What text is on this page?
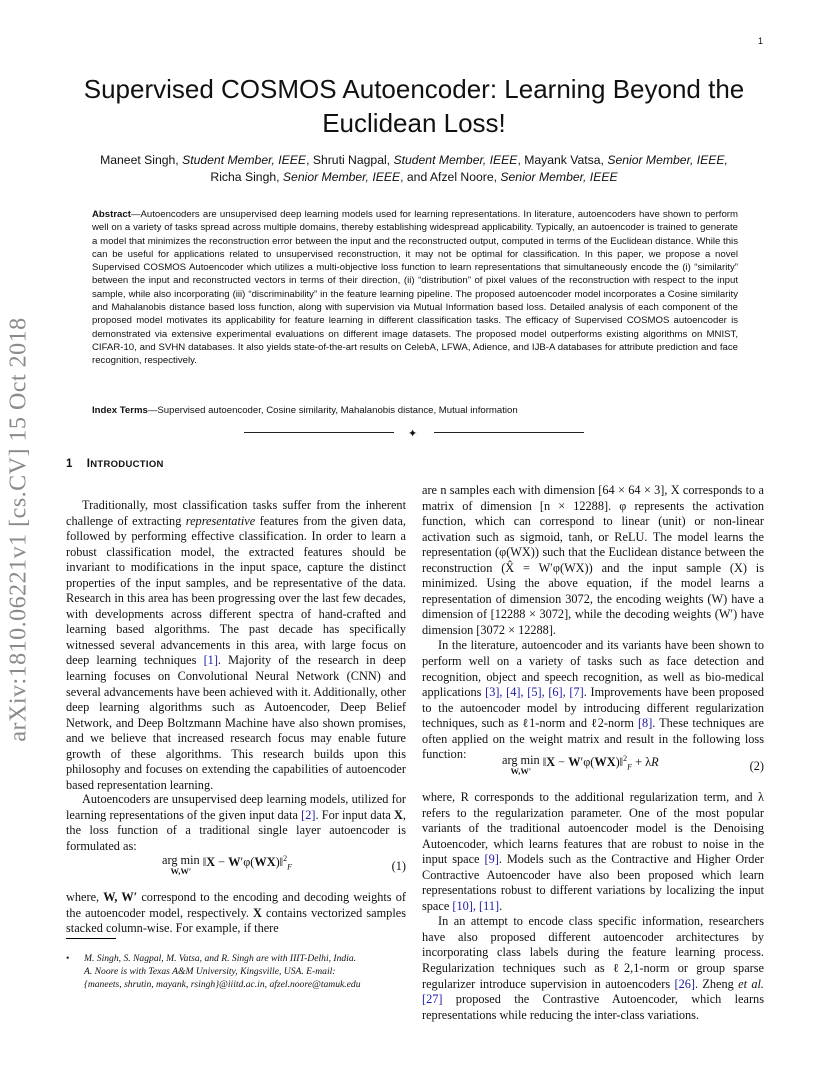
1
arXiv:1810.06221v1 [cs.CV] 15 Oct 2018
Supervised COSMOS Autoencoder: Learning Beyond the Euclidean Loss!
Maneet Singh, Student Member, IEEE, Shruti Nagpal, Student Member, IEEE, Mayank Vatsa, Senior Member, IEEE,
Richa Singh, Senior Member, IEEE, and Afzel Noore, Senior Member, IEEE
Abstract—Autoencoders are unsupervised deep learning models used for learning representations. In literature, autoencoders have shown to perform well on a variety of tasks spread across multiple domains, thereby establishing widespread applicability. Typically, an autoencoder is trained to generate a model that minimizes the reconstruction error between the input and the reconstructed output, computed in terms of the Euclidean distance. While this can be useful for applications related to unsupervised reconstruction, it may not be optimal for classification. In this paper, we propose a novel Supervised COSMOS Autoencoder which utilizes a multi-objective loss function to learn representations that simultaneously encode the (i) “similarity” between the input and reconstructed vectors in terms of their direction, (ii) “distribution” of pixel values of the reconstruction with respect to the input sample, while also incorporating (iii) “discriminability” in the feature learning pipeline. The proposed autoencoder model incorporates a Cosine similarity and Mahalanobis distance based loss function, along with supervision via Mutual Information based loss. Detailed analysis of each component of the proposed model motivates its applicability for feature learning in different classification tasks. The efficacy of Supervised COSMOS autoencoder is demonstrated via extensive experimental evaluations on different image datasets. The proposed model outperforms existing algorithms on MNIST, CIFAR-10, and SVHN databases. It also yields state-of-the-art results on CelebA, LFWA, Adience, and IJB-A databases for attribute prediction and face recognition, respectively.
Index Terms—Supervised autoencoder, Cosine similarity, Mahalanobis distance, Mutual information
✦
1 INTRODUCTION

Traditionally, most classification tasks suffer from the inherent challenge of extracting representative features from the given data, followed by performing effective classification. In order to learn a robust classification model, the extracted features should be invariant to modifications in the input space, capture the distinct properties of the input samples, and be representative of the data. Research in this area has been progressing over the last few decades, with developments across different spectra of hand-crafted and learning based algorithms. The past decade has specifically witnessed several advancements in this area, with large focus on deep learning techniques [1]. Majority of the research in deep learning focuses on Convolutional Neural Network (CNN) and several advancements have been achieved with it. Additionally, other deep learning algorithms such as Autoencoder, Deep Belief Network, and Deep Boltzmann Machine have also shown promises, and we believe that increased research focus may enable future growth of these algorithms. This research builds upon this philosophy and focuses on extending the capabilities of autoencoder based representation learning.

Autoencoders are unsupervised deep learning models, utilized for learning representations of the given input data [2]. For input data X, the loss function of a traditional single layer autoencoder is formulated as:

arg min
W,W′
‖X − W′φ(WX)‖$^2_F$	(1)

where, W, W′ correspond to the encoding and decoding weights of the autoencoder model, respectively. X contains vectorized samples stacked column-wise. For example, if there

• M. Singh, S. Nagpal, M. Vatsa, and R. Singh are with IIIT-Delhi, India.
A. Noore is with Texas A&M University, Kingsville, USA. E-mail:
{maneets, shrutin, mayank, rsingh}@iiitd.ac.in, afzel.noore@tamuk.edu

are n samples each with dimension [64 × 64 × 3], X corresponds to a matrix of dimension [n × 12288]. φ represents the activation function, which can correspond to linear (unit) or non-linear activation such as sigmoid, tanh, or ReLU. The model learns the representation (φ(WX)) such that the Euclidean distance between the reconstruction (X̂ = W′φ(WX)) and the input sample (X) is minimized. Using the above equation, if the model learns a representation of dimension 3072, the encoding weights (W) have a dimension of [12288 × 3072], while the decoding weights (W′) have dimension [3072 × 12288].

In the literature, autoencoder and its variants have been shown to perform well on a variety of tasks such as face detection and recognition, object and speech recognition, as well as bio-medical applications [3], [4], [5], [6], [7]. Improvements have been proposed to the autoencoder model by introducing different regularization techniques, such as ℓ1-norm and ℓ2-norm [8]. These techniques are often applied on the weight matrix and result in the following loss function:	arg min
W,W′
‖X − W′φ(WX)‖$^2_F$ + λR	(2)

where, R corresponds to the additional regularization term, and λ refers to the regularization parameter. One of the most popular variants of the traditional autoencoder model is the Denoising Autoencoder, which learns features that are robust to noise in the input space [9]. Models such as the Contractive and Higher Order Contractive Autoencoder have also been proposed which learn representations robust to different variations by localizing the input space [10], [11].

In an attempt to encode class specific information, researchers have also proposed different autoencoder architectures by incorporating class labels during the feature learning process. Regularization techniques such as ℓ2,1-norm or group sparse regularizer introduce supervision in autoencoders [26]. Zheng et al. [27] proposed the Contrastive Autoencoder, which learns representations while reducing the inter-class variations.
